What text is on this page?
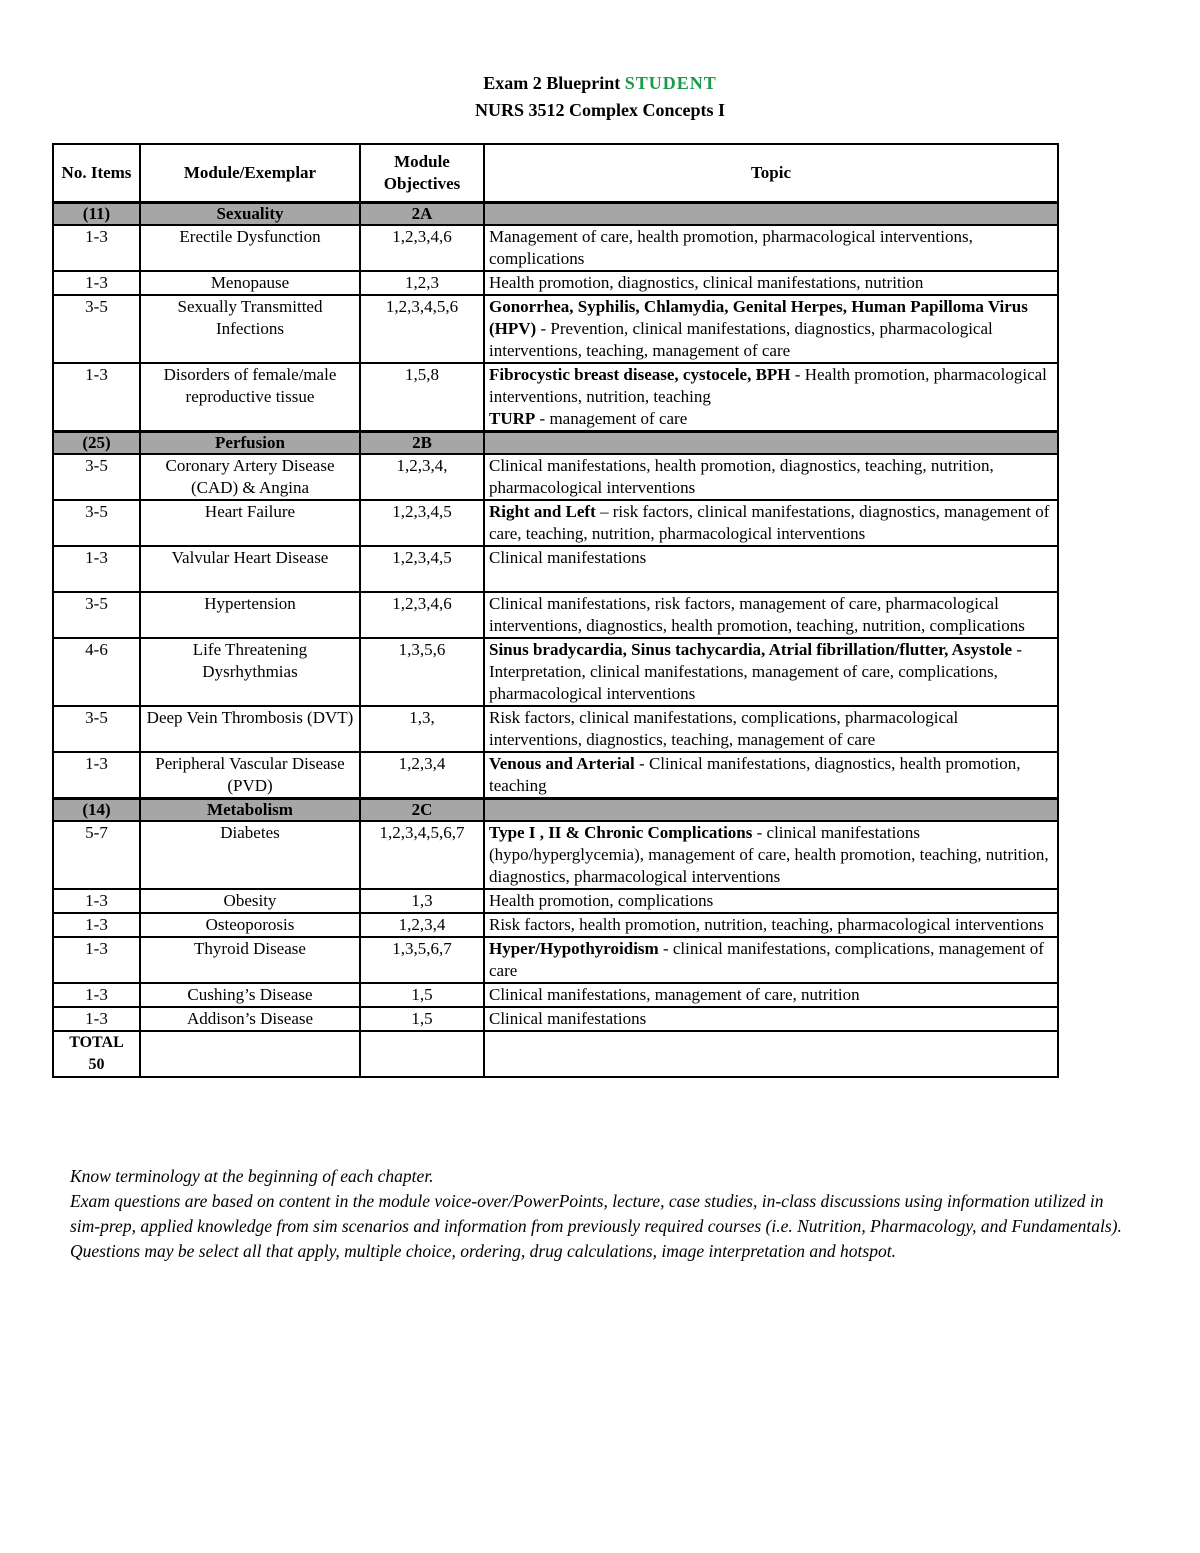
Exam 2 Blueprint STUDENT
NURS 3512 Complex Concepts I
No. Items	Module/Exemplar	Module Objectives	Topic
(11)	Sexuality	2A	
1-3	Erectile Dysfunction	1,2,3,4,6	Management of care, health promotion, pharmacological interventions, complications
1-3	Menopause	1,2,3	Health promotion, diagnostics, clinical manifestations, nutrition
3-5	Sexually Transmitted Infections	1,2,3,4,5,6	Gonorrhea, Syphilis, Chlamydia, Genital Herpes, Human Papilloma Virus (HPV) - Prevention, clinical manifestations, diagnostics, pharmacological interventions, teaching, management of care
1-3	Disorders of female/male reproductive tissue	1,5,8	Fibrocystic breast disease, cystocele, BPH - Health promotion, pharmacological interventions, nutrition, teaching
TURP - management of care
(25)	Perfusion	2B	
3-5	Coronary Artery Disease (CAD) & Angina	1,2,3,4,	Clinical manifestations, health promotion, diagnostics, teaching, nutrition, pharmacological interventions
3-5	Heart Failure	1,2,3,4,5	Right and Left – risk factors, clinical manifestations, diagnostics, management of care, teaching, nutrition, pharmacological interventions
1-3	Valvular Heart Disease	1,2,3,4,5	Clinical manifestations
3-5	Hypertension	1,2,3,4,6	Clinical manifestations, risk factors, management of care, pharmacological interventions, diagnostics, health promotion, teaching, nutrition, complications
4-6	Life Threatening Dysrhythmias	1,3,5,6	Sinus bradycardia, Sinus tachycardia, Atrial fibrillation/flutter, Asystole - Interpretation, clinical manifestations, management of care, complications, pharmacological interventions
3-5	Deep Vein Thrombosis (DVT)	1,3,	Risk factors, clinical manifestations, complications, pharmacological interventions, diagnostics, teaching, management of care
1-3	Peripheral Vascular Disease (PVD)	1,2,3,4	Venous and Arterial - Clinical manifestations, diagnostics, health promotion, teaching
(14)	Metabolism	2C	
5-7	Diabetes	1,2,3,4,5,6,7	Type I , II & Chronic Complications - clinical manifestations (hypo/hyperglycemia), management of care, health promotion, teaching, nutrition, diagnostics, pharmacological interventions
1-3	Obesity	1,3	Health promotion, complications
1-3	Osteoporosis	1,2,3,4	Risk factors, health promotion, nutrition, teaching, pharmacological interventions
1-3	Thyroid Disease	1,3,5,6,7	Hyper/Hypothyroidism - clinical manifestations, complications, management of care
1-3	Cushing’s Disease	1,5	Clinical manifestations, management of care, nutrition
1-3	Addison’s Disease	1,5	Clinical manifestations

TOTAL
50			

Know terminology at the beginning of each chapter.

Exam questions are based on content in the module voice-over/PowerPoints, lecture, case studies, in-class discussions using information utilized in sim-prep, applied knowledge from sim scenarios and information from previously required courses (i.e. Nutrition, Pharmacology, and Fundamentals).

Questions may be select all that apply, multiple choice, ordering, drug calculations, image interpretation and hotspot.
